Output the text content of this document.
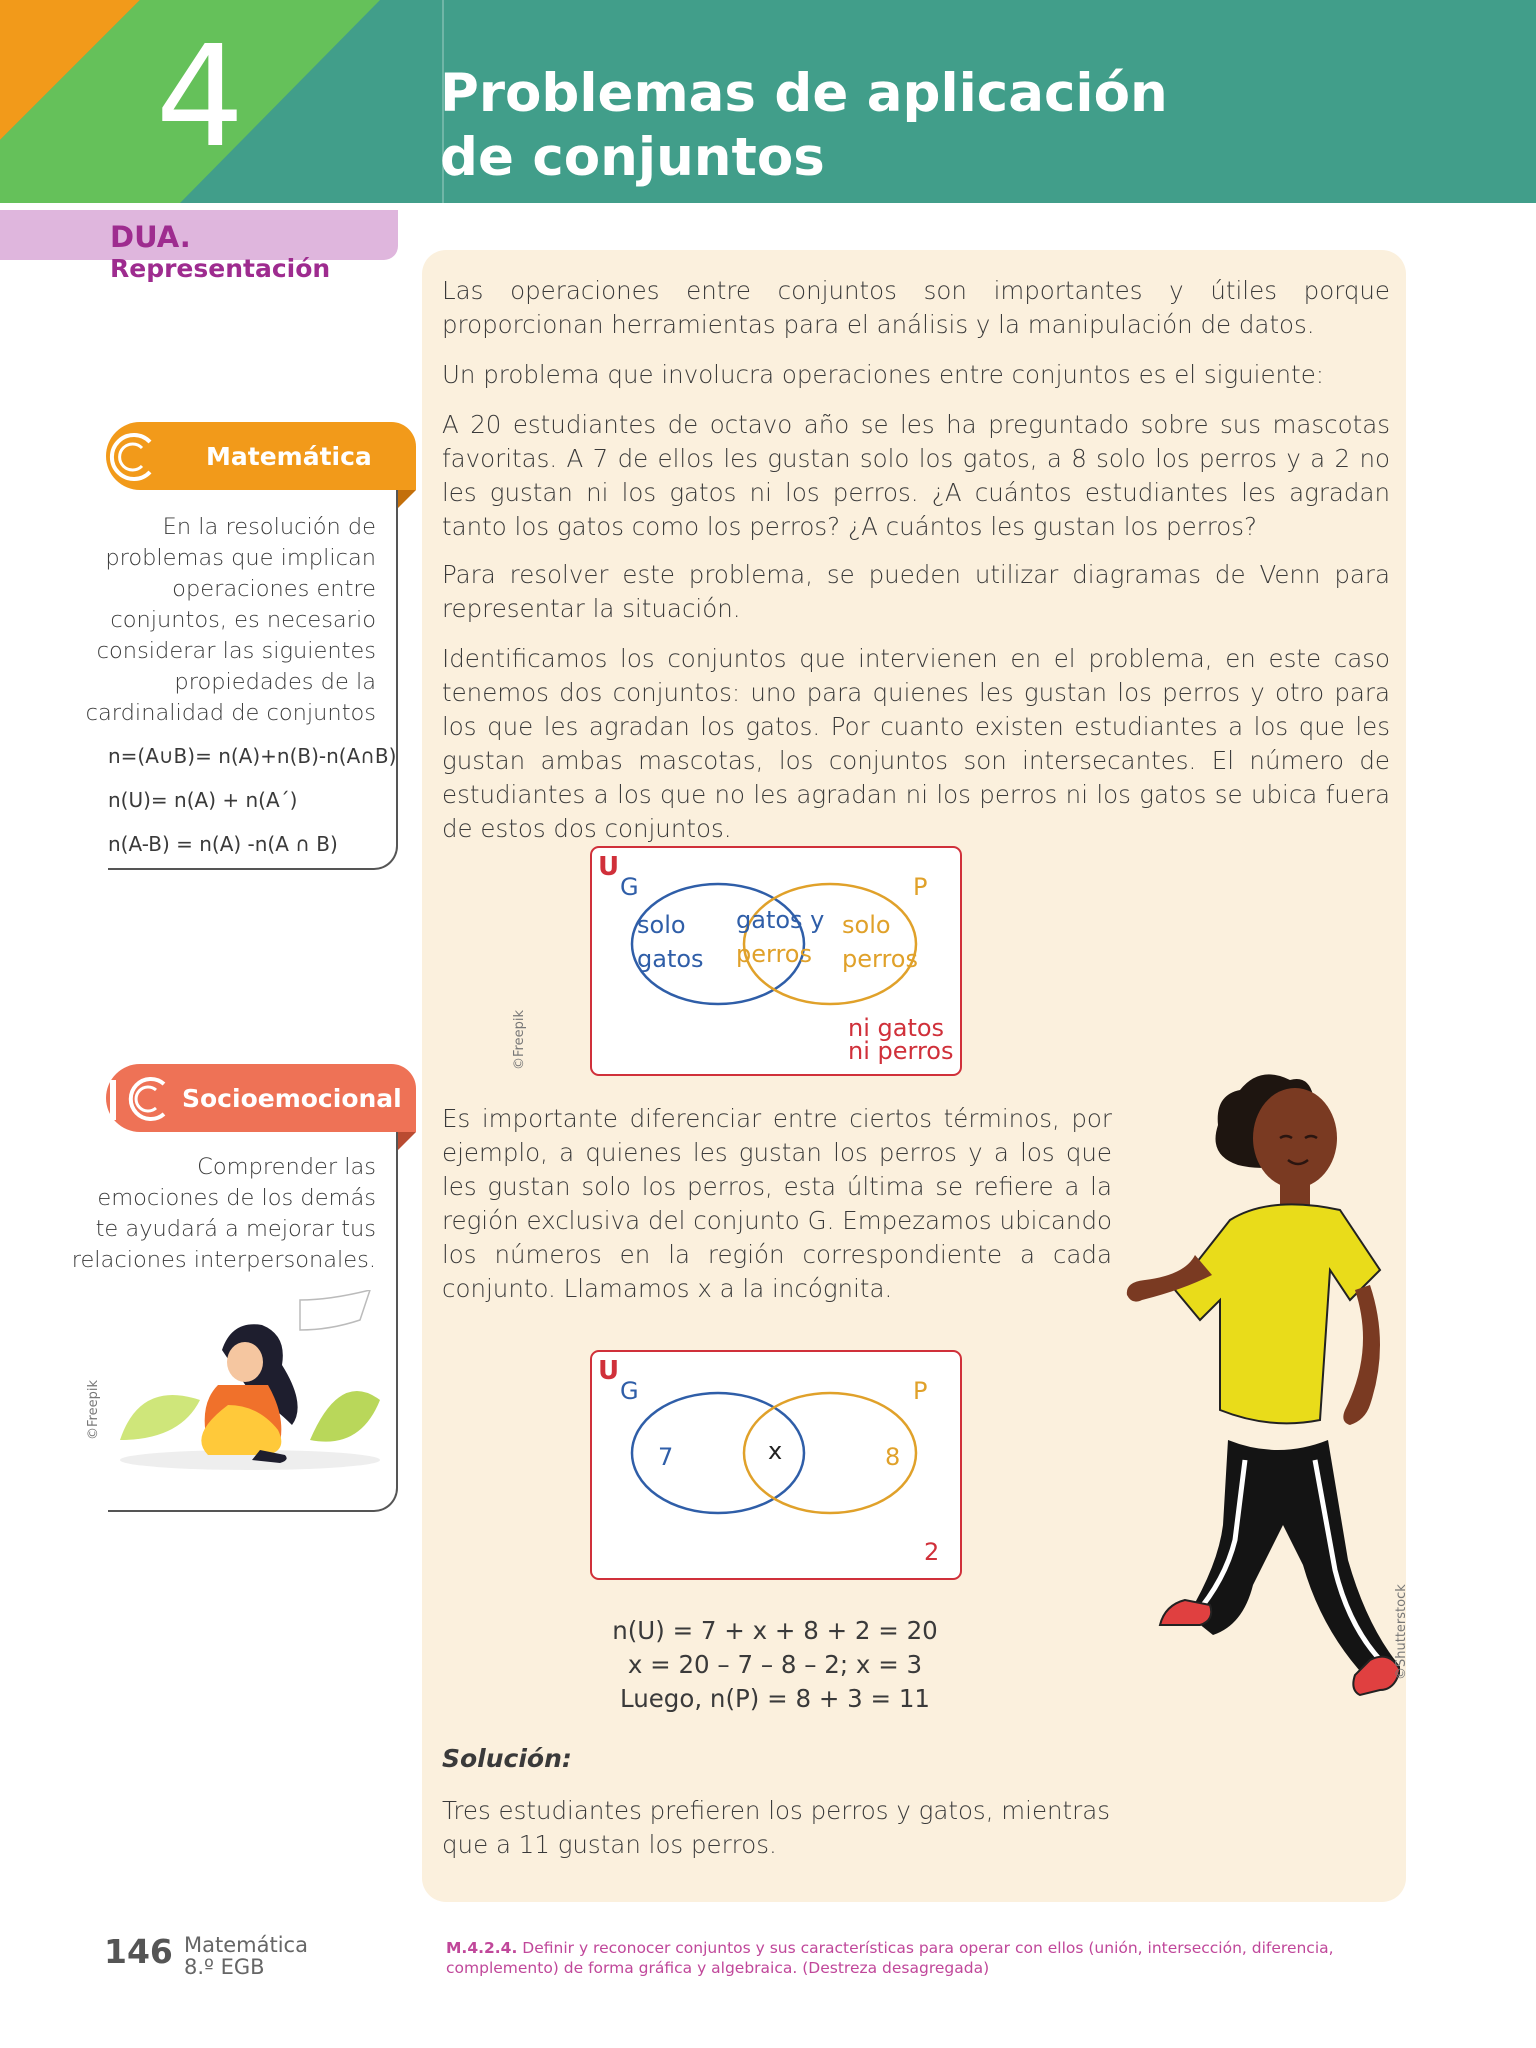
4	Problemas de aplicación
de conjuntos
DUA. Representación

Las operaciones entre conjuntos son importantes y útiles porque proporcionan herramientas para el análisis y la manipulación de datos.

Un problema que involucra operaciones entre conjuntos es el siguiente:

A 20 estudiantes de octavo año se les ha preguntado sobre sus mascotas favoritas. A 7 de ellos les gustan solo los gatos, a 8 solo los perros y a 2 no les gustan ni los gatos ni los perros. ¿A cuántos estudiantes les agradan tanto los gatos como los perros? ¿A cuántos les gustan los perros?

Para resolver este problema, se pueden utilizar diagramas de Venn para representar la situación.

Identificamos los conjuntos que intervienen en el problema, en este caso tenemos dos conjuntos: uno para quienes les gustan los perros y otro para los que les agradan los gatos. Por cuanto existen estudiantes a los que les gustan ambas mascotas, los conjuntos son intersecantes. El número de estudiantes a los que no les agradan ni los perros ni los gatos se ubica fuera de estos dos conjuntos.

U
G	P
solo
gatos
gatos y
perros
solo
perros
ni gatos
ni perros
©Freepik

Es importante diferenciar entre ciertos términos, por ejemplo, a quienes les gustan los perros y a los que les gustan solo los perros, esta última se refiere a la región exclusiva del conjunto G. Empezamos ubicando los números en la región correspondiente a cada conjunto. Llamamos x a la incógnita.

U
G	P
7	x	8
2
n(U) = 7 + x + 8 + 2 = 20
x = 20 – 7 – 8 – 2; x = 3
Luego, n(P) = 8 + 3 = 11
Solución:

Tres estudiantes prefieren los perros y gatos, mientras que a 11 gustan los perros.

©Shutterstock
Matemática
En la resolución de
problemas que implican
operaciones entre
conjuntos, es necesario
considerar las siguientes
propiedades de la
cardinalidad de conjuntos
n=(A∪B)= n(A)+n(B)-n(A∩B)
n(U)= n(A) + n(A´)
n(A-B) = n(A) -n(A ∩ B)
Socioemocional
Comprender las
emociones de los demás
te ayudará a mejorar tus
relaciones interpersonales.
©Freepik
146 Matemática
8.º EGB
M.4.2.4. Definir y reconocer conjuntos y sus características para operar con ellos (unión, intersección, diferencia, complemento) de forma gráfica y algebraica. (Destreza desagregada)
